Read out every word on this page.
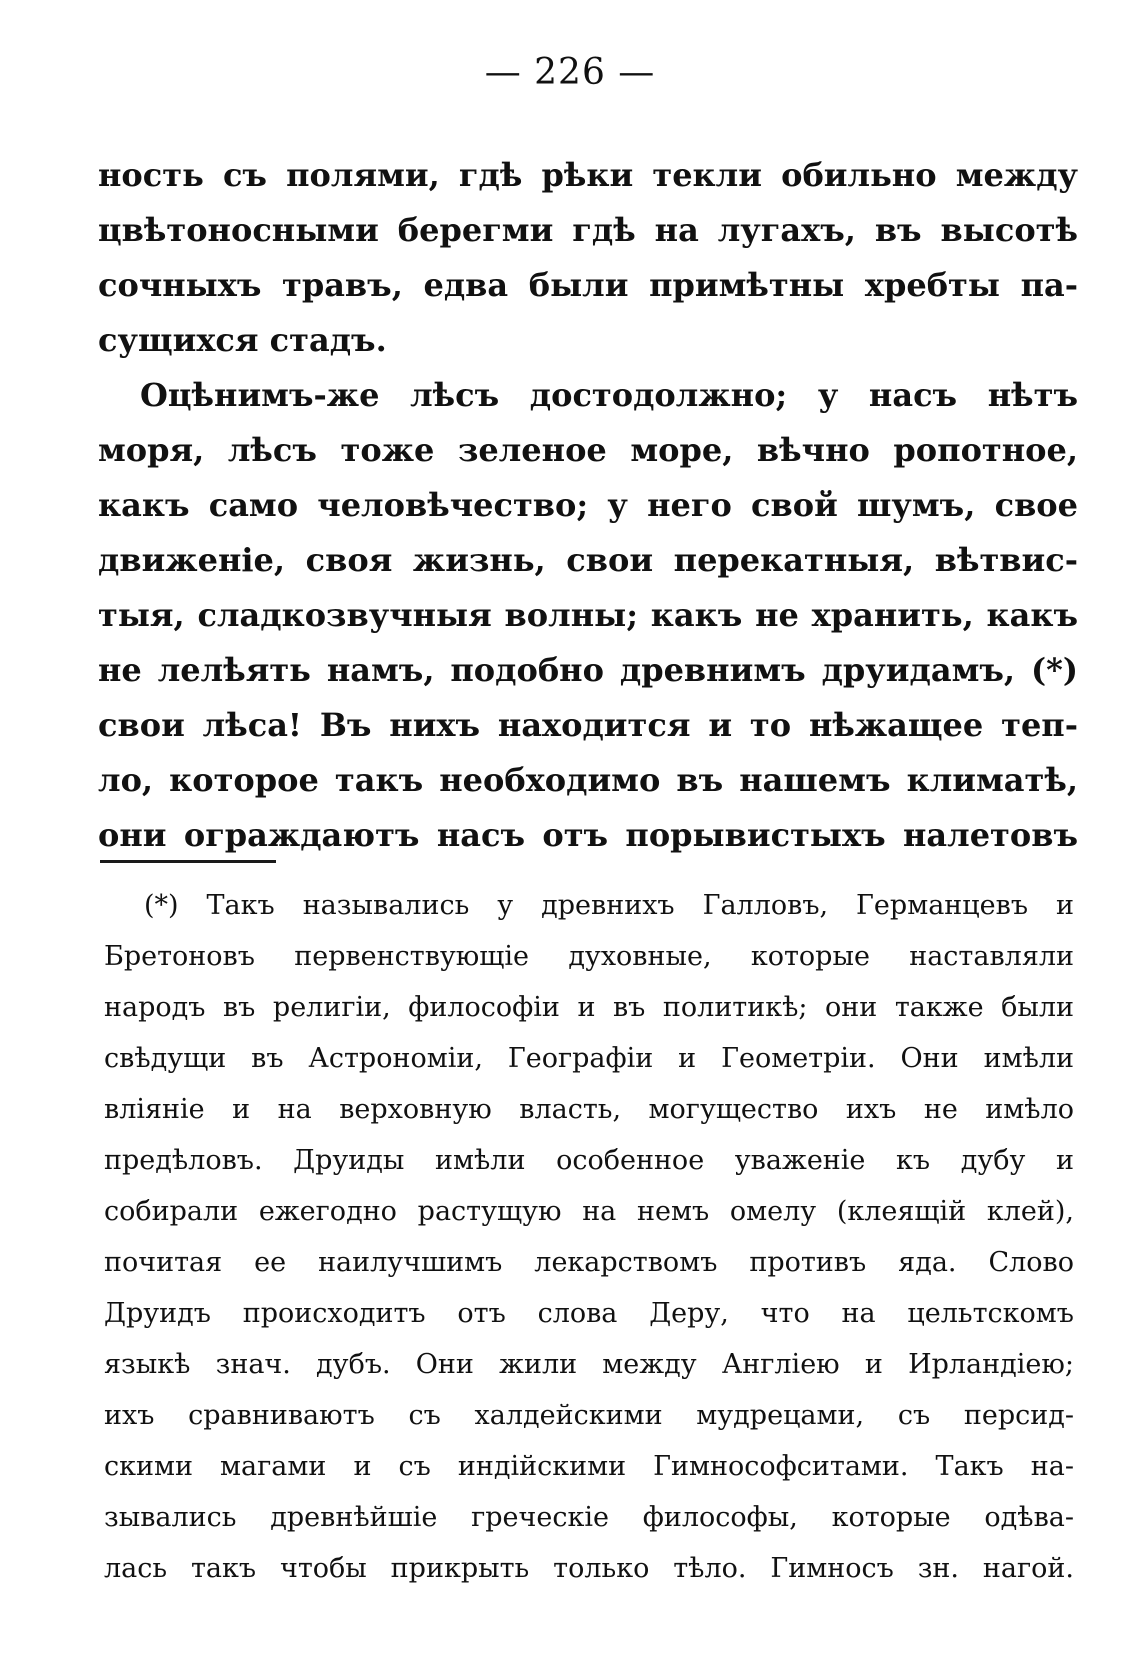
— 226 —
ность съ полями, гдѣ рѣки текли обильно между
цвѣтоносными берегми гдѣ на лугахъ, въ высотѣ
сочныхъ травъ, едва были примѣтны хребты па-
сущихся стадъ.
Оцѣнимъ-же лѣсъ достодолжно; у насъ нѣтъ
моря, лѣсъ тоже зеленое море, вѣчно ропотное,
какъ само человѣчество; у него свой шумъ, свое
движенiе, своя жизнь, свои перекатныя, вѣтвис-
тыя, сладкозвучныя волны; какъ не хранить, какъ
не лелѣять намъ, подобно древнимъ друидамъ, (*)
свои лѣса! Въ нихъ находится и то нѣжащее теп-
ло, которое такъ необходимо въ нашемъ климатѣ,
они ограждаютъ насъ отъ порывистыхъ налетовъ
(*) Такъ назывались у древнихъ Галловъ, Германцевъ и
Бретоновъ первенствующiе духовные, которые наставляли
народъ въ религiи, философiи и въ политикѣ; они также были
свѣдущи въ Астрономiи, Географiи и Геометрiи. Они имѣли
влiянiе и на верховную власть, могущество ихъ не имѣло
предѣловъ. Друиды имѣли особенное уваженiе къ дубу и
собирали ежегодно растущую на немъ омелу (клеящiй клей),
почитая ее наилучшимъ лекарствомъ противъ яда. Слово
Друидъ происходитъ отъ слова Деру, что на цельтскомъ
языкѣ знач. дубъ. Они жили между Англiею и Ирландiею;
ихъ сравниваютъ съ халдейскими мудрецами, съ персид-
скими магами и съ индiйскими Гимнософситами. Такъ на-
зывались древнѣйшiе греческiе философы, которые одѣва-
лась такъ чтобы прикрыть только тѣло. Гимносъ зн. нагой.
